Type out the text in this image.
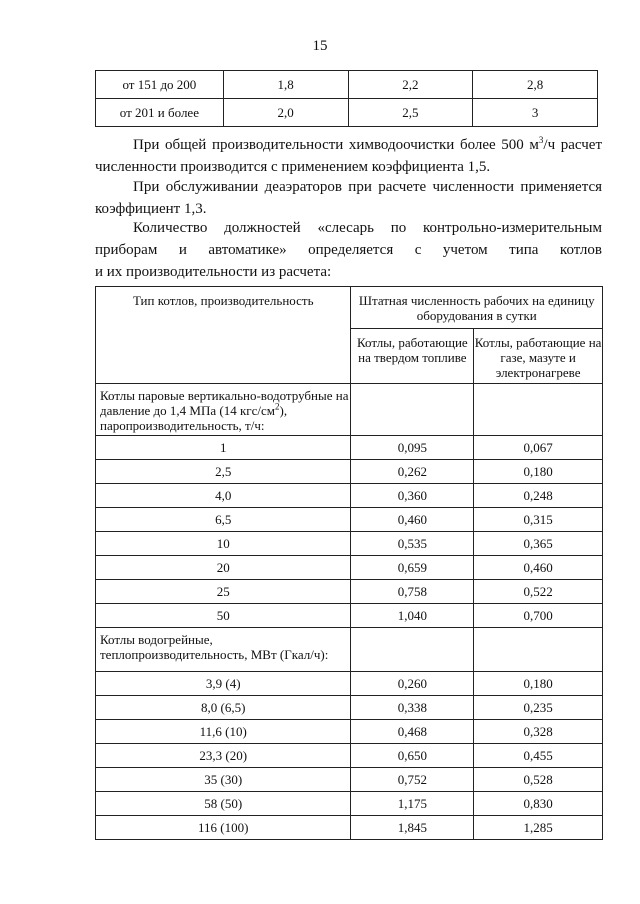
15
от 151 до 200	1,8	2,2	2,8
от 201 и более	2,0	2,5	3
При общей производительности химводоочистки более 500 $м^3/ч$ расчет
численности производится с применением коэффициента 1,5.
При обслуживании деаэраторов при расчете численности применяется
коэффициент 1,3.
Количество должностей «слесарь по контрольно-измерительным
приборам и автоматике» определяется с учетом типа котлов
и их производительности из расчета:
Тип котлов, производительность	Штатная численность рабочих на единицу оборудования в сутки	
	Котлы, работающие на твердом топливе	Котлы, работающие на газе, мазуте и электронагреве
Котлы паровые вертикально-водотрубные на давление до 1,4 МПа (14 кгс/$см^2$), паропроизводительность, т/ч:		
1	0,095	0,067
2,5	0,262	0,180
4,0	0,360	0,248
6,5	0,460	0,315
10	0,535	0,365
20	0,659	0,460
25	0,758	0,522
50	1,040	0,700
Котлы водогрейные, теплопроизводительность, МВт (Гкал/ч):		
3,9 (4)	0,260	0,180
8,0 (6,5)	0,338	0,235
11,6 (10)	0,468	0,328
23,3 (20)	0,650	0,455
35 (30)	0,752	0,528
58 (50)	1,175	0,830
116 (100)	1,845	1,285
